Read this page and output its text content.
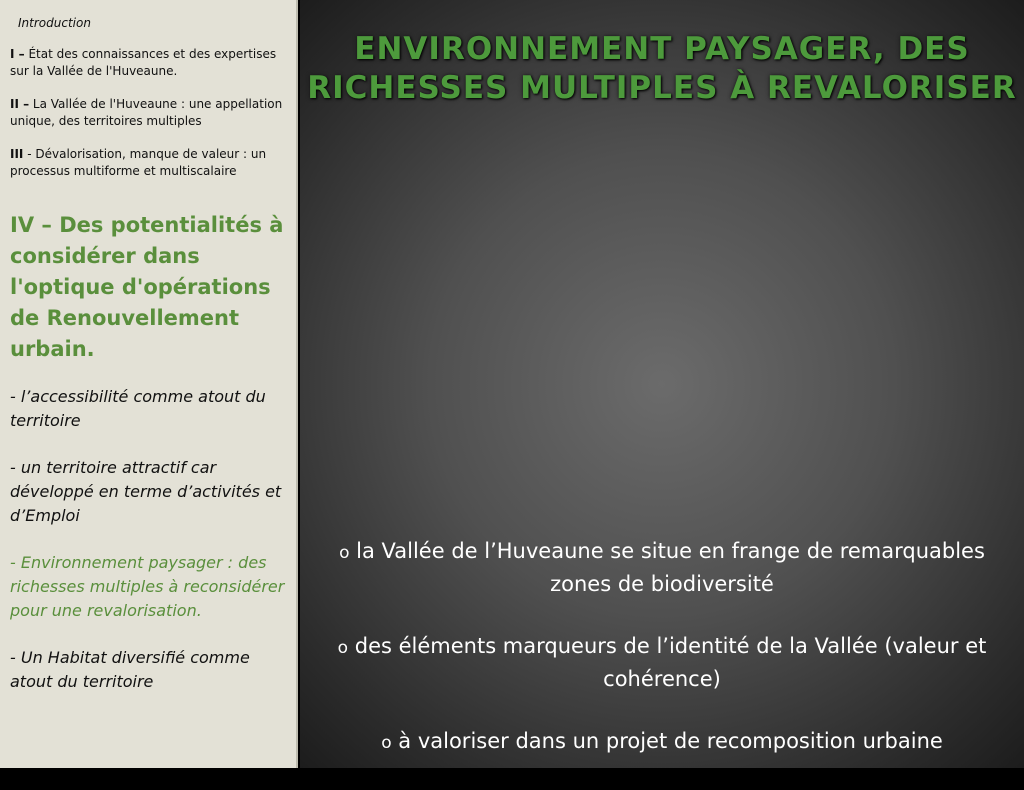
Introduction
I – État des connaissances et des expertises sur la Vallée de l'Huveaune.
II – La Vallée de l'Huveaune : une appellation unique, des territoires multiples
III - Dévalorisation, manque de valeur : un processus multiforme et multiscalaire
IV – Des potentialités à considérer dans l'optique d'opérations de Renouvellement urbain.
- l’accessibilité comme atout du territoire
- un territoire attractif car développé en terme d’activités et d’Emploi
- Environnement paysager : des richesses multiples à reconsidérer pour une revalorisation.
- Un Habitat diversifié comme atout du territoire
ENVIRONNEMENT PAYSAGER, DES RICHESSES MULTIPLES À REVALORISER
o la Vallée de l’Huveaune se situe en frange de remarquables zones de biodiversité
o des éléments marqueurs de l’identité de la Vallée (valeur et cohérence)
o à valoriser dans un projet de recomposition urbaine
